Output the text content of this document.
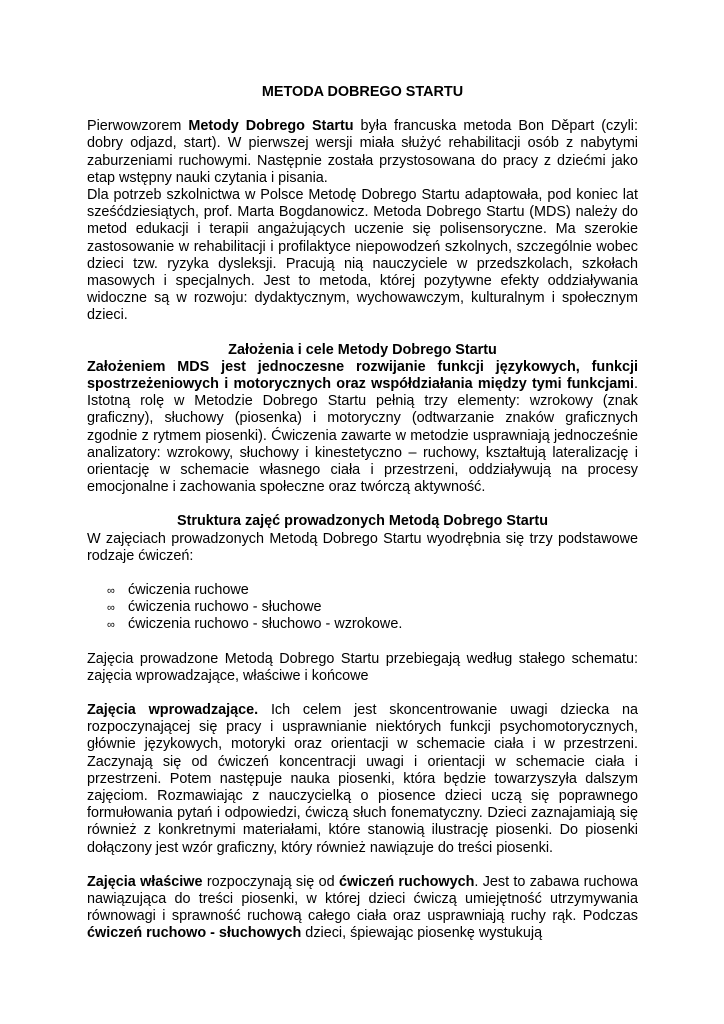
METODA DOBREGO STARTU

Pierwowzorem Metody Dobrego Startu była francuska metoda Bon Děpart (czyli: dobry odjazd, start). W pierwszej wersji miała służyć rehabilitacji osób z nabytymi zaburzeniami ruchowymi. Następnie została przystosowana do pracy z dziećmi jako etap wstępny nauki czytania i pisania.

Dla potrzeb szkolnictwa w Polsce Metodę Dobrego Startu adaptowała, pod koniec lat sześćdziesiątych, prof. Marta Bogdanowicz. Metoda Dobrego Startu (MDS) należy do metod edukacji i terapii angażujących uczenie się polisensoryczne. Ma szerokie zastosowanie w rehabilitacji i profilaktyce niepowodzeń szkolnych, szczególnie wobec dzieci tzw. ryzyka dysleksji. Pracują nią nauczyciele w przedszkolach, szkołach masowych i specjalnych. Jest to metoda, której pozytywne efekty oddziaływania widoczne są w rozwoju: dydaktycznym, wychowawczym, kulturalnym i społecznym dzieci.

Założenia i cele Metody Dobrego Startu

Założeniem MDS jest jednoczesne rozwijanie funkcji językowych, funkcji spostrzeżeniowych i motorycznych oraz współdziałania między tymi funkcjami. Istotną rolę w Metodzie Dobrego Startu pełnią trzy elementy: wzrokowy (znak graficzny), słuchowy (piosenka) i motoryczny (odtwarzanie znaków graficznych zgodnie z rytmem piosenki). Ćwiczenia zawarte w metodzie usprawniają jednocześnie analizatory: wzrokowy, słuchowy i kinestetyczno – ruchowy, kształtują lateralizację i orientację w schemacie własnego ciała i przestrzeni, oddziaływują na procesy emocjonalne i zachowania społeczne oraz twórczą aktywność.

Struktura zajęć prowadzonych Metodą Dobrego Startu

W zajęciach prowadzonych Metodą Dobrego Startu wyodrębnia się trzy podstawowe rodzaje ćwiczeń:

∞ ćwiczenia ruchowe
∞ ćwiczenia ruchowo - słuchowe
∞ ćwiczenia ruchowo - słuchowo - wzrokowe.

Zajęcia prowadzone Metodą Dobrego Startu przebiegają według stałego schematu: zajęcia wprowadzające, właściwe i końcowe

Zajęcia wprowadzające. Ich celem jest skoncentrowanie uwagi dziecka na rozpoczynającej się pracy i usprawnianie niektórych funkcji psychomotorycznych, głównie językowych, motoryki oraz orientacji w schemacie ciała i w przestrzeni. Zaczynają się od ćwiczeń koncentracji uwagi i orientacji w schemacie ciała i przestrzeni. Potem następuje nauka piosenki, która będzie towarzyszyła dalszym zajęciom. Rozmawiając z nauczycielką o piosence dzieci uczą się poprawnego formułowania pytań i odpowiedzi, ćwiczą słuch fonematyczny. Dzieci zaznajamiają się również z konkretnymi materiałami, które stanowią ilustrację piosenki. Do piosenki dołączony jest wzór graficzny, który również nawiązuje do treści piosenki.

Zajęcia właściwe rozpoczynają się od ćwiczeń ruchowych. Jest to zabawa ruchowa nawiązująca do treści piosenki, w której dzieci ćwiczą umiejętność utrzymywania równowagi i sprawność ruchową całego ciała oraz usprawniają ruchy rąk. Podczas ćwiczeń ruchowo - słuchowych dzieci, śpiewając piosenkę wystukują
